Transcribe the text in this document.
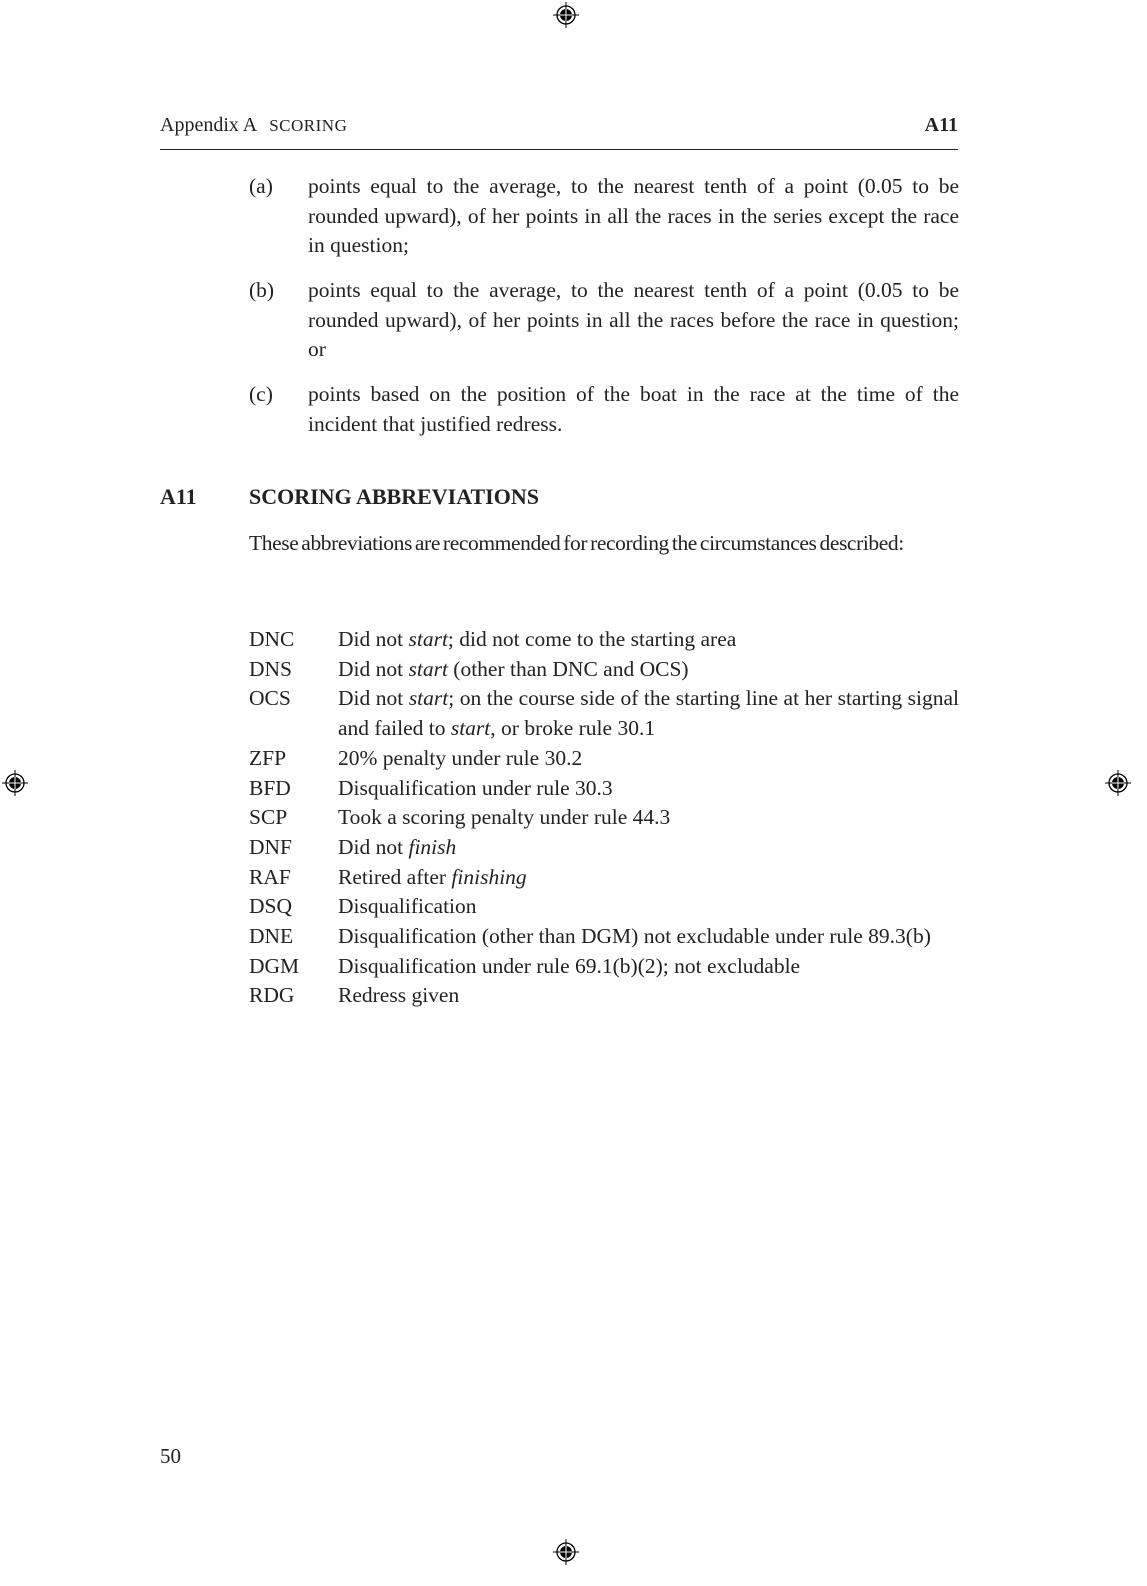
Appendix A SCORING	A11
(a)	points equal to the average, to the nearest tenth of a point (0.05 to be rounded upward), of her points in all the races in the series except the race in question;
(b)	points equal to the average, to the nearest tenth of a point (0.05 to be rounded upward), of her points in all the races before the race in question; or
(c)	points based on the position of the boat in the race at the time of the incident that justified redress.
A11	SCORING ABBREVIATIONS
These abbreviations are recommended for recording the circumstances described:
DNC	Did not start; did not come to the starting area
DNS	Did not start (other than DNC and OCS)
OCS	Did not start; on the course side of the starting line at her starting signal and failed to start, or broke rule 30.1
ZFP	20% penalty under rule 30.2
BFD	Disqualification under rule 30.3
SCP	Took a scoring penalty under rule 44.3
DNF	Did not finish
RAF	Retired after finishing
DSQ	Disqualification
DNE	Disqualification (other than DGM) not excludable under rule 89.3(b)
DGM	Disqualification under rule 69.1(b)(2); not excludable
RDG	Redress given
50
